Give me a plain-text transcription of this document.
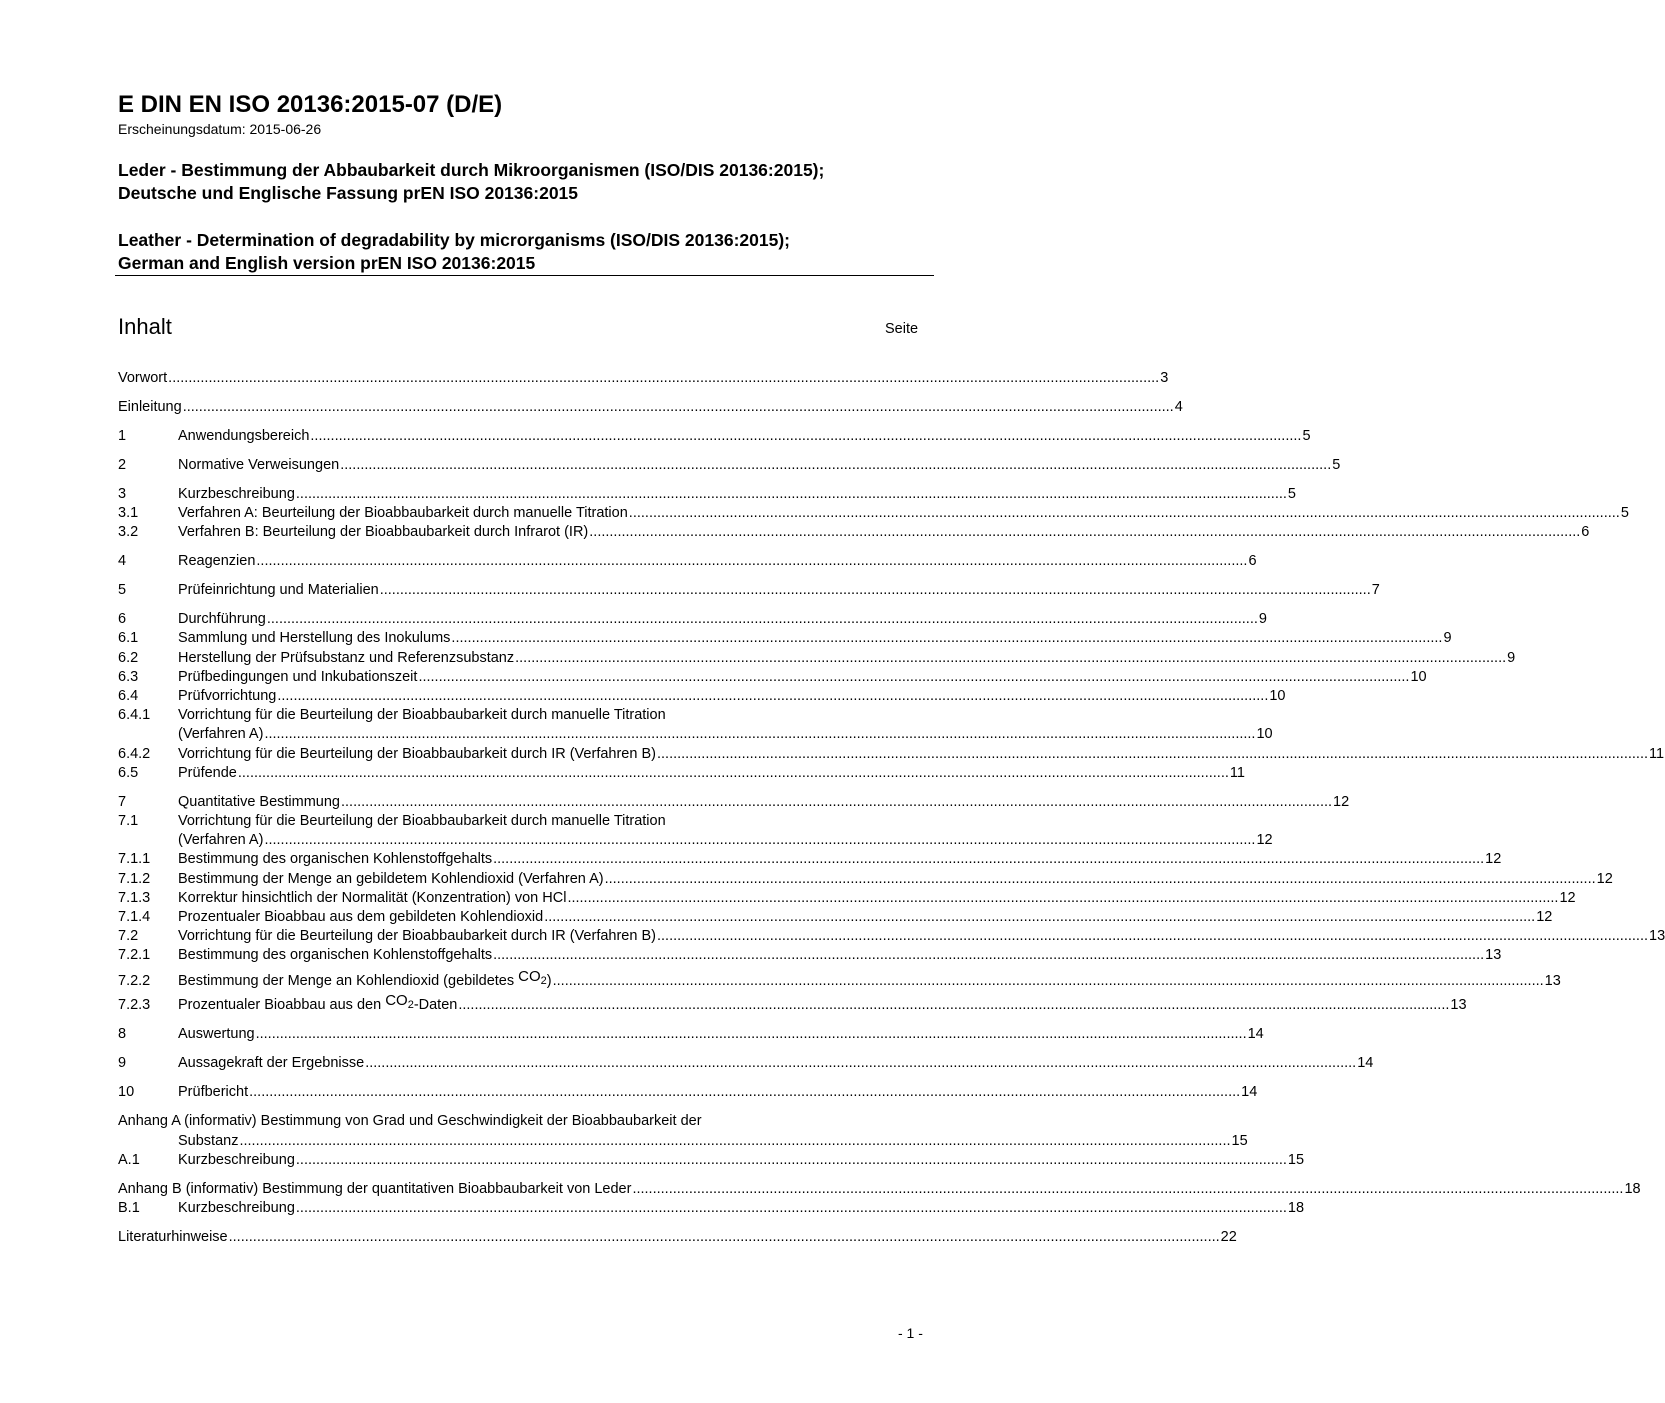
E DIN EN ISO 20136:2015-07 (D/E)
Erscheinungsdatum: 2015-06-26
Leder - Bestimmung der Abbaubarkeit durch Mikroorganismen (ISO/DIS 20136:2015);
Deutsche und Englische Fassung prEN ISO 20136:2015
Leather - Determination of degradability by microrganisms (ISO/DIS 20136:2015);
German and English version prEN ISO 20136:2015
Inhalt	Seite
Vorwort .....	3
Einleitung .....	4
1	Anwendungsbereich .....	5
2	Normative Verweisungen .....	5
3	Kurzbeschreibung .....	5
3.1	Verfahren A: Beurteilung der Bioabbaubarkeit durch manuelle Titration .....	5
3.2	Verfahren B: Beurteilung der Bioabbaubarkeit durch Infrarot (IR) .....	6
4	Reagenzien .....	6
5	Prüfeinrichtung und Materialien .....	7
6	Durchführung .....	9
6.1	Sammlung und Herstellung des Inokulums .....	9
6.2	Herstellung der Prüfsubstanz und Referenzsubstanz .....	9
6.3	Prüfbedingungen und Inkubationszeit .....	10
6.4	Prüfvorrichtung .....	10
6.4.1	Vorrichtung für die Beurteilung der Bioabbaubarkeit durch manuelle Titration
(Verfahren A) .....	10
6.4.2	Vorrichtung für die Beurteilung der Bioabbaubarkeit durch IR (Verfahren B) .....	11
6.5	Prüfende .....	11
7	Quantitative Bestimmung .....	12
7.1	Vorrichtung für die Beurteilung der Bioabbaubarkeit durch manuelle Titration
(Verfahren A) .....	12
7.1.1	Bestimmung des organischen Kohlenstoffgehalts .....	12
7.1.2	Bestimmung der Menge an gebildetem Kohlendioxid (Verfahren A) .....	12
7.1.3	Korrektur hinsichtlich der Normalität (Konzentration) von HCl .....	12
7.1.4	Prozentualer Bioabbau aus dem gebildeten Kohlendioxid .....	12
7.2	Vorrichtung für die Beurteilung der Bioabbaubarkeit durch IR (Verfahren B) .....	13
7.2.1	Bestimmung des organischen Kohlenstoffgehalts .....	13
7.2.2	Bestimmung der Menge an Kohlendioxid (gebildetes $CO_2$) .....	13
7.2.3	Prozentualer Bioabbau aus den $CO_2$-Daten .....	13
8	Auswertung .....	14
9	Aussagekraft der Ergebnisse .....	14
10	Prüfbericht .....	14
Anhang A (informativ) Bestimmung von Grad und Geschwindigkeit der Bioabbaubarkeit der
Substanz .....	15
A.1	Kurzbeschreibung .....	15
Anhang B (informativ) Bestimmung der quantitativen Bioabbaubarkeit von Leder .....	18
B.1	Kurzbeschreibung .....	18
Literaturhinweise .....	22
- 1 -
